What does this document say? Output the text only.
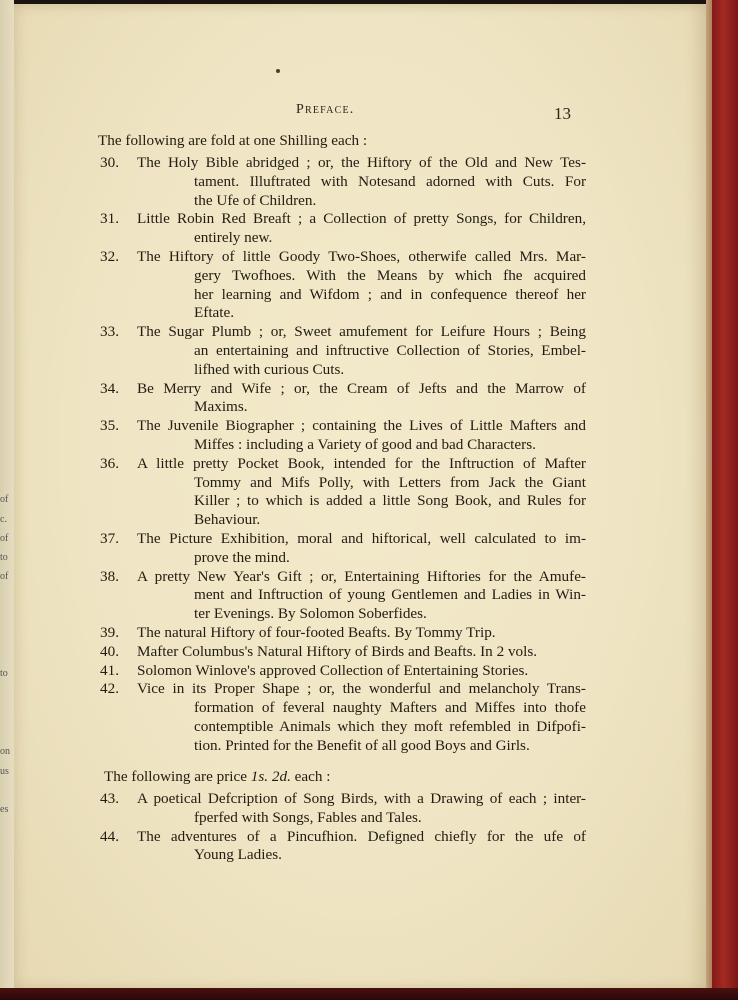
of
c.
of
to
of
to
on
us
es
Preface.	13
The following are fold at one Shilling each :
30.	The Holy Bible abridged ; or, the Hiftory of the Old and New Tes-
tament. Illuftrated with Notesand adorned with Cuts. For
the Ufe of Children.
31.	Little Robin Red Breaft ; a Collection of pretty Songs, for Children,
entirely new.
32.	The Hiftory of little Goody Two-Shoes, otherwife called Mrs. Mar-
gery Twofhoes. With the Means by which fhe acquired
her learning and Wifdom ; and in confequence thereof her
Eftate.
33.	The Sugar Plumb ; or, Sweet amufement for Leifure Hours ; Being
an entertaining and inftructive Collection of Stories, Embel-
lifhed with curious Cuts.
34.	Be Merry and Wife ; or, the Cream of Jefts and the Marrow of
Maxims.
35.	The Juvenile Biographer ; containing the Lives of Little Mafters and
Miffes : including a Variety of good and bad Characters.
36.	A little pretty Pocket Book, intended for the Inftruction of Mafter
Tommy and Mifs Polly, with Letters from Jack the Giant
Killer ; to which is added a little Song Book, and Rules for
Behaviour.
37.	The Picture Exhibition, moral and hiftorical, well calculated to im-
prove the mind.
38.	A pretty New Year's Gift ; or, Entertaining Hiftories for the Amufe-
ment and Inftruction of young Gentlemen and Ladies in Win-
ter Evenings. By Solomon Soberfides.
39.	The natural Hiftory of four-footed Beafts. By Tommy Trip.
40.	Mafter Columbus's Natural Hiftory of Birds and Beafts. In 2 vols.
41.	Solomon Winlove's approved Collection of Entertaining Stories.
42.	Vice in its Proper Shape ; or, the wonderful and melancholy Trans-
formation of feveral naughty Mafters and Miffes into thofe
contemptible Animals which they moft refembled in Difpofi-
tion. Printed for the Benefit of all good Boys and Girls.
The following are price 1s. 2d. each :
43.	A poetical Defcription of Song Birds, with a Drawing of each ; inter-
fperfed with Songs, Fables and Tales.
44.	The adventures of a Pincufhion. Defigned chiefly for the ufe of
Young Ladies.
